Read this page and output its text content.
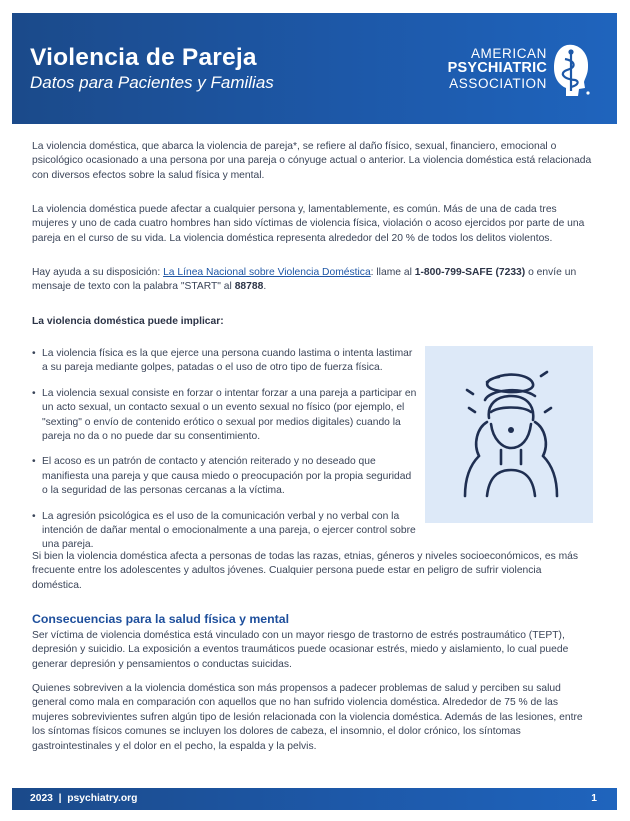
Violencia de Pareja

Datos para Pacientes y Familias

AMERICAN
PSYCHIATRIC
ASSOCIATION

La violencia doméstica, que abarca la violencia de pareja*, se refiere al daño físico, sexual, financiero, emocional o psicológico ocasionado a una persona por una pareja o cónyuge actual o anterior. La violencia doméstica está relacionada con diversos efectos sobre la salud física y mental.

La violencia doméstica puede afectar a cualquier persona y, lamentablemente, es común. Más de una de cada tres mujeres y uno de cada cuatro hombres han sido víctimas de violencia física, violación o acoso ejercidos por parte de una pareja en el curso de su vida. La violencia doméstica representa alrededor del 20 % de todos los delitos violentos.

Hay ayuda a su disposición: La Línea Nacional sobre Violencia Doméstica: llame al 1-800-799-SAFE (7233) o envíe un mensaje de texto con la palabra "START" al 88788.

La violencia doméstica puede implicar:

• La violencia física es la que ejerce una persona cuando lastima o intenta lastimar a su pareja mediante golpes, patadas o el uso de otro tipo de fuerza física.
• La violencia sexual consiste en forzar o intentar forzar a una pareja a participar en un acto sexual, un contacto sexual o un evento sexual no físico (por ejemplo, el "sexting" o envío de contenido erótico o sexual por medios digitales) cuando la pareja no da o no puede dar su consentimiento.
• El acoso es un patrón de contacto y atención reiterado y no deseado que manifiesta una pareja y que causa miedo o preocupación por la propia seguridad o la seguridad de las personas cercanas a la víctima.
• La agresión psicológica es el uso de la comunicación verbal y no verbal con la intención de dañar mental o emocionalmente a una pareja, o ejercer control sobre una pareja.

Si bien la violencia doméstica afecta a personas de todas las razas, etnias, géneros y niveles socioeconómicos, es más frecuente entre los adolescentes y adultos jóvenes. Cualquier persona puede estar en peligro de sufrir violencia doméstica.

Consecuencias para la salud física y mental

Ser víctima de violencia doméstica está vinculado con un mayor riesgo de trastorno de estrés postraumático (TEPT), depresión y suicidio. La exposición a eventos traumáticos puede ocasionar estrés, miedo y aislamiento, lo cual puede generar depresión y pensamientos o conductas suicidas.

Quienes sobreviven a la violencia doméstica son más propensos a padecer problemas de salud y perciben su salud general como mala en comparación con aquellos que no han sufrido violencia doméstica. Alrededor de 75 % de las mujeres sobrevivientes sufren algún tipo de lesión relacionada con la violencia doméstica. Además de las lesiones, entre los síntomas físicos comunes se incluyen los dolores de cabeza, el insomnio, el dolor crónico, los síntomas gastrointestinales y el dolor en el pecho, la espalda y la pelvis.

2023  |  psychiatry.org	1
